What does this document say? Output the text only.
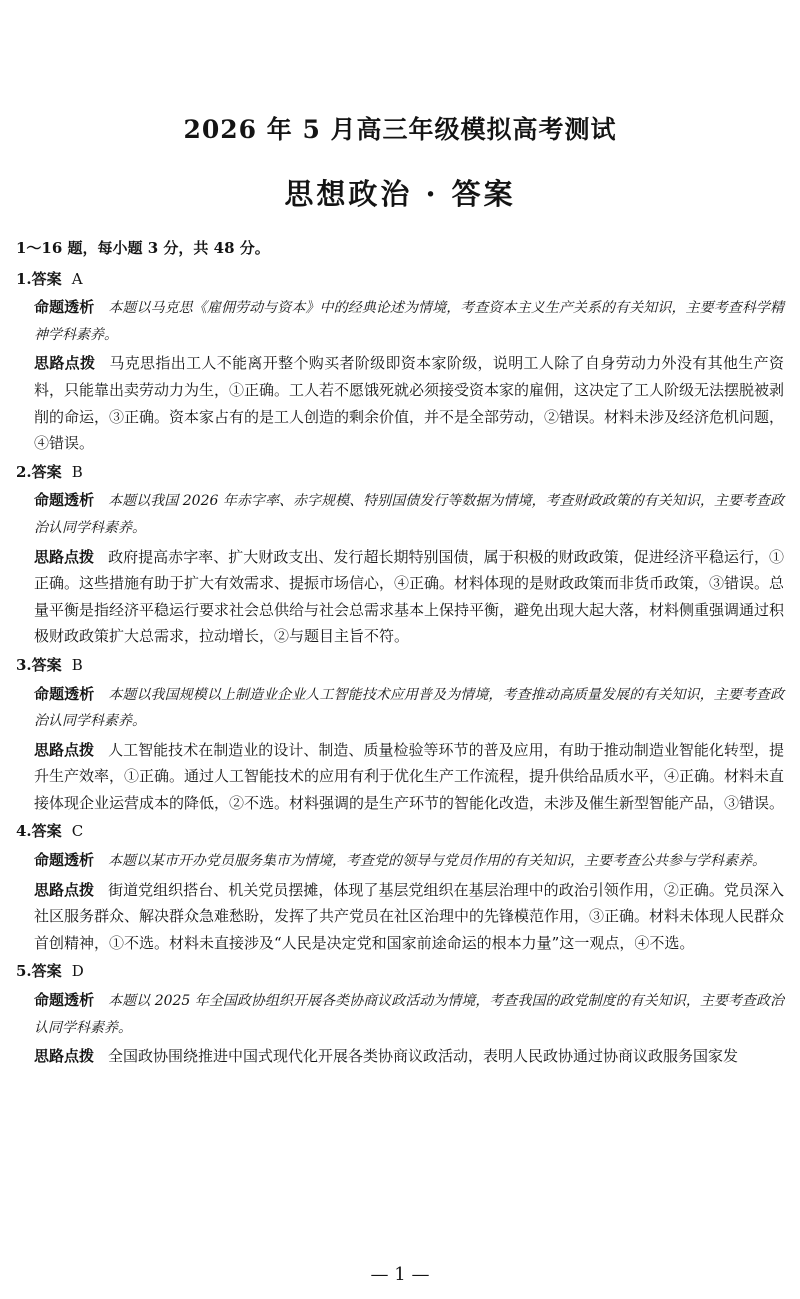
2026 年 5 月高三年级模拟高考测试
思想政治 · 答案
1～16 题，每小题 3 分，共 48 分。
1.答案 A
命题透析 本题以马克思《雇佣劳动与资本》中的经典论述为情境，考查资本主义生产关系的有关知识，主要考查科学精神学科素养。
思路点拨 马克思指出工人不能离开整个购买者阶级即资本家阶级，说明工人除了自身劳动力外没有其他生产资料，只能靠出卖劳动力为生，①正确。工人若不愿饿死就必须接受资本家的雇佣，这决定了工人阶级无法摆脱被剥削的命运，③正确。资本家占有的是工人创造的剩余价值，并不是全部劳动，②错误。材料未涉及经济危机问题，④错误。
2.答案 B
命题透析 本题以我国 2026 年赤字率、赤字规模、特别国债发行等数据为情境，考查财政政策的有关知识，主要考查政治认同学科素养。
思路点拨 政府提高赤字率、扩大财政支出、发行超长期特别国债，属于积极的财政政策，促进经济平稳运行，①正确。这些措施有助于扩大有效需求、提振市场信心，④正确。材料体现的是财政政策而非货币政策，③错误。总量平衡是指经济平稳运行要求社会总供给与社会总需求基本上保持平衡，避免出现大起大落，材料侧重强调通过积极财政政策扩大总需求，拉动增长，②与题目主旨不符。
3.答案 B
命题透析 本题以我国规模以上制造业企业人工智能技术应用普及为情境，考查推动高质量发展的有关知识，主要考查政治认同学科素养。
思路点拨 人工智能技术在制造业的设计、制造、质量检验等环节的普及应用，有助于推动制造业智能化转型，提升生产效率，①正确。通过人工智能技术的应用有利于优化生产工作流程，提升供给品质水平，④正确。材料未直接体现企业运营成本的降低，②不选。材料强调的是生产环节的智能化改造，未涉及催生新型智能产品，③错误。
4.答案 C
命题透析 本题以某市开办党员服务集市为情境，考查党的领导与党员作用的有关知识，主要考查公共参与学科素养。
思路点拨 街道党组织搭台、机关党员摆摊，体现了基层党组织在基层治理中的政治引领作用，②正确。党员深入社区服务群众、解决群众急难愁盼，发挥了共产党员在社区治理中的先锋模范作用，③正确。材料未体现人民群众首创精神，①不选。材料未直接涉及“人民是决定党和国家前途命运的根本力量”这一观点，④不选。
5.答案 D
命题透析 本题以 2025 年全国政协组织开展各类协商议政活动为情境，考查我国的政党制度的有关知识，主要考查政治认同学科素养。
思路点拨 全国政协围绕推进中国式现代化开展各类协商议政活动，表明人民政协通过协商议政服务国家发
— 1 —
